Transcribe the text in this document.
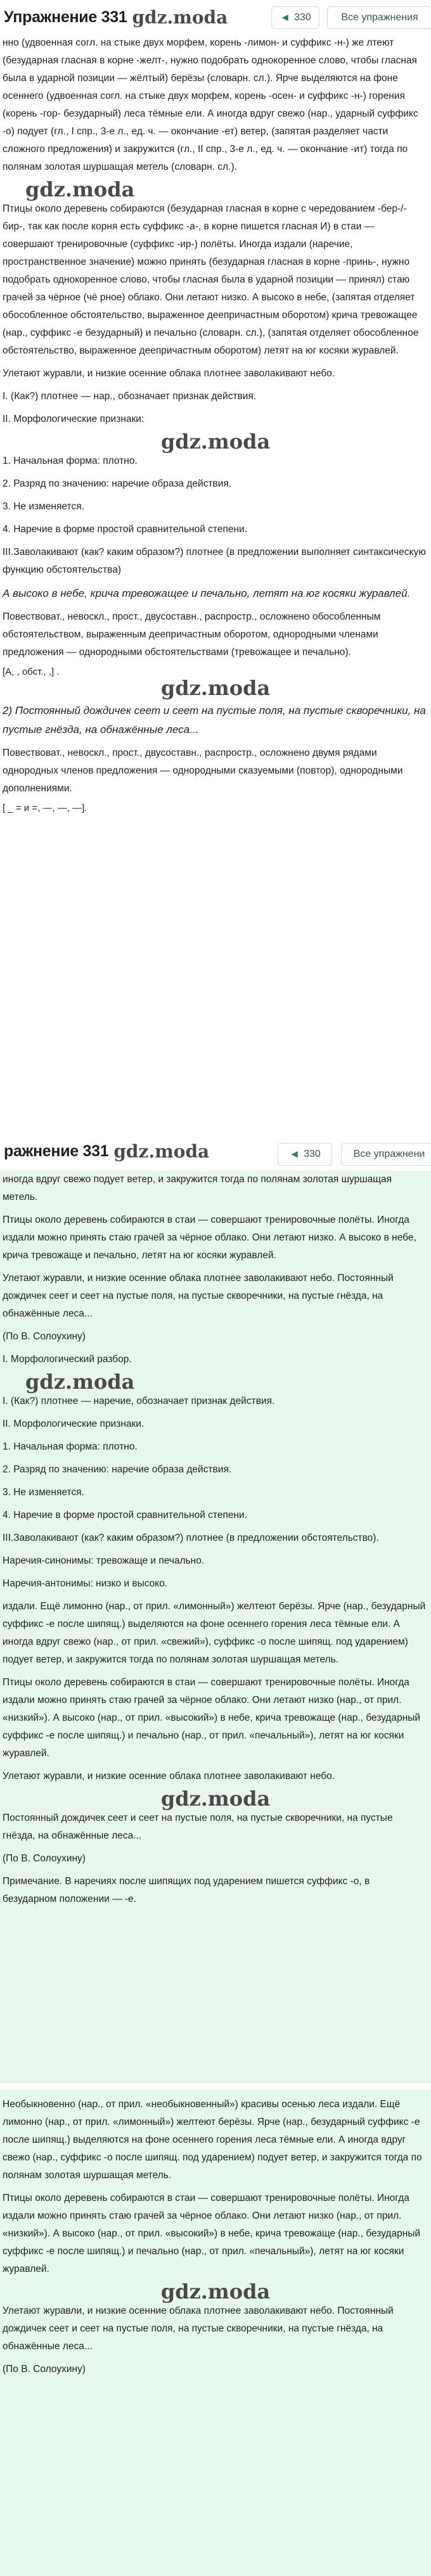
Упражнение 331 gdz.moda	◄ 330	Все упражнения

нно (удвоенная согл. на стыке двух морфем, корень -лимон- и суффикс -н-) же лтеют (безударная гласная в корне -желт-, нужно подобрать однокоренное слово, чтобы гласная была в ударной позиции — жёлтый) берёзы (словарн. сл.). Ярче выделяются на фоне осеннего (удвоенная согл. на стыке двух морфем, корень -осен- и суффикс -н-) горения (корень -гор- безударный) леса тёмные ели. А иногда вдруг свежо (нар., ударный суффикс -о) подует (гл., I спр., 3-е л., ед. ч. — окончание -ет) ветер, (запятая разделяет части сложного предложения) и закружится (гл., II спр., 3-е л., ед. ч. — окончание -ит) тогда по полянам золотая шуршащая метель (словарн. сл.).

gdz.moda

Птицы около деревень собираются (безударная гласная в корне с чередованием -бер-/-бир-, так как после корня есть суффикс -а-, в корне пишется гласная И) в стаи — совершают тренировочные (суффикс -ир-) полёты. Иногда издали (наречие, пространственное значение) можно принять (безударная гласная в корне -принь-, нужно подобрать однокоренное слово, чтобы гласная была в ударной позиции — принял) стаю грачей за чёрное (чё рное) облако. Они летают низко. А высоко в небе, (запятая отделяет обособленное обстоятельство, выраженное деепричастным оборотом) крича тревожащее (нар., суффикс -е безударный) и печально (словарн. сл.), (запятая отделяет обособленное обстоятельство, выраженное деепричастным оборотом) летят на юг косяки журавлей.

Улетают журавли, и низкие осенние облака плотнее заволакивают небо.

I. (Как?) плотнее — нар., обозначает признак действия.

II. Морфологические признаки:

gdz.moda

1. Начальная форма: плотно.

2. Разряд по значению: наречие образа действия.

3. Не изменяется.

4. Наречие в форме простой сравнительной степени.

III.Заволакивают (как? каким образом?) плотнее (в предложении выполняет синтаксическую функцию обстоятельства)

А высоко в небе, крича тревожащее и печально, летят на юг косяки журавлей.

Повествоват., невоскл., прост., двусоставн., распростр., осложнено обособленным обстоятельством, выраженным деепричастным оборотом, однородными членами предложения — однородными обстоятельствами (тревожащее и печально).

[А, , обст., ,] .

gdz.moda

2) Постоянный дождичек сеет и сеет на пустые поля, на пустые скворечники, на пустые гнёзда, на обнажённые леса...

Повествоват., невоскл., прост., двусоставн., распростр., осложнено двумя рядами однородных членов предложения — однородными сказуемыми (повтор), однородными дополнениями.

[ _ = и =, —, —, —].

ражнение 331 gdz.moda	◄ 330	Все упражнени

иногда вдруг свежо подует ветер, и закружится тогда по полянам золотая шуршащая метель.

Птицы около деревень собираются в стаи — совершают тренировочные полёты. Иногда издали можно принять стаю грачей за чёрное облако. Они летают низко. А высоко в небе, крича тревожаще и печально, летят на юг косяки журавлей.

Улетают журавли, и низкие осенние облака плотнее заволакивают небо. Постоянный дождичек сеет и сеет на пустые поля, на пустые скворечники, на пустые гнёзда, на обнажённые леса...

(По В. Солоухину)

I. Морфологический разбор.

gdz.moda

I. (Как?) плотнее — наречие, обозначает признак действия.

II. Морфологические признаки.

1. Начальная форма: плотно.

2. Разряд по значению: наречие образа действия.

3. Не изменяется.

4. Наречие в форме простой сравнительной степени.

III.Заволакивают (как? каким образом?) плотнее (в предложении обстоятельство).

Наречия-синонимы: тревожаще и печально.

Наречия-антонимы: низко и высоко.

издали. Ещё лимонно (нар., от прил. «лимонный») желтеют берёзы. Ярче (нар., безударный суффикс -е после шипящ.) выделяются на фоне осеннего горения леса тёмные ели. А иногда вдруг свежо (нар., от прил. «свежий»), суффикс -о после шипящ. под ударением) подует ветер, и закружится тогда по полянам золотая шуршащая метель.

Птицы около деревень собираются в стаи — совершают тренировочные полёты. Иногда издали можно принять стаю грачей за чёрное облако. Они летают низко (нар., от прил. «низкий»). А высоко (нар., от прил. «высокий») в небе, крича тревожаще (нар., безударный суффикс -е после шипящ.) и печально (нар., от прил. «печальный»), летят на юг косяки журавлей.

Улетают журавли, и низкие осенние облака плотнее заволакивают небо.

gdz.moda

Постоянный дождичек сеет и сеет на пустые поля, на пустые скворечники, на пустые гнёзда, на обнажённые леса...

(По В. Солоухину)

Примечание. В наречиях после шипящих под ударением пишется суффикс -о, в безударном положении — -е.

Необыкновенно (нар., от прил. «необыкновенный») красивы осенью леса издали. Ещё лимонно (нар., от прил. «лимонный») желтеют берёзы. Ярче (нар., безударный суффикс -е после шипящ.) выделяются на фоне осеннего горения леса тёмные ели. А иногда вдруг свежо (нар., суффикс -о после шипящ. под ударением) подует ветер, и закружится тогда по полянам золотая шуршащая метель.

Птицы около деревень собираются в стаи — совершают тренировочные полёты. Иногда издали можно принять стаю грачей за чёрное облако. Они летают низко (нар., от прил. «низкий»). А высоко (нар., от прил. «высокий») в небе, крича тревожаще (нар., безударный суффикс -е после шипящ.) и печально (нар., от прил. «печальный»), летят на юг косяки журавлей.

gdz.moda

Улетают журавли, и низкие осенние облака плотнее заволакивают небо. Постоянный дождичек сеет и сеет на пустые поля, на пустые скворечники, на пустые гнёзда, на обнажённые леса...

(По В. Солоухину)
